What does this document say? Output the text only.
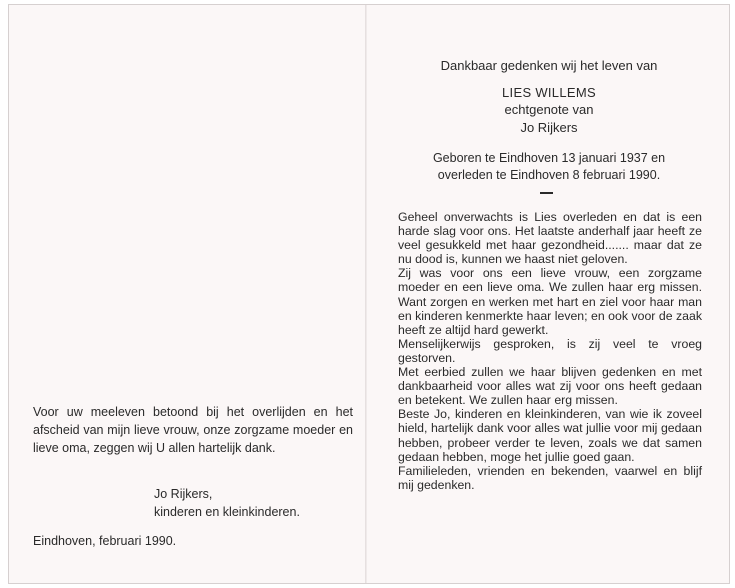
Voor uw meeleven betoond bij het overlijden en het afscheid van mijn lieve vrouw, onze zorgzame moeder en lieve oma, zeggen wij U allen hartelijk dank.

Jo Rijkers,
kinderen en kleinkinderen.
Eindhoven, februari 1990.
Dankbaar gedenken wij het leven van
LIES WILLEMS
echtgenote van
Jo Rijkers
Geboren te Eindhoven 13 januari 1937 en
overleden te Eindhoven 8 februari 1990.

Geheel onverwachts is Lies overleden en dat is een harde slag voor ons. Het laatste anderhalf jaar heeft ze veel gesukkeld met haar gezondheid....... maar dat ze nu dood is, kunnen we haast niet geloven.

Zij was voor ons een lieve vrouw, een zorgzame moeder en een lieve oma. We zullen haar erg missen. Want zorgen en werken met hart en ziel voor haar man en kinderen kenmerkte haar leven; en ook voor de zaak heeft ze altijd hard gewerkt.

Menselijkerwijs gesproken, is zij veel te vroeg gestorven.

Met eerbied zullen we haar blijven gedenken en met dankbaarheid voor alles wat zij voor ons heeft gedaan en betekent. We zullen haar erg missen.

Beste Jo, kinderen en kleinkinderen, van wie ik zoveel hield, hartelijk dank voor alles wat jullie voor mij gedaan hebben, probeer verder te leven, zoals we dat samen gedaan hebben, moge het jullie goed gaan.

Familieleden, vrienden en bekenden, vaarwel en blijf mij gedenken.
